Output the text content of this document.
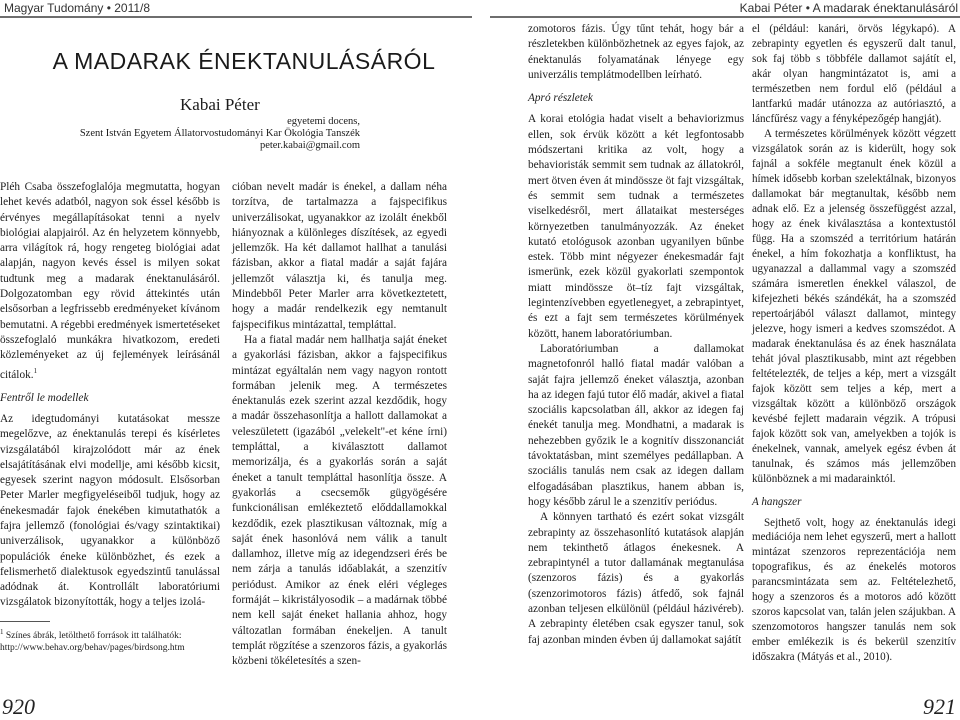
Magyar Tudomány • 2011/8	Kabai Péter • A madarak énektanulásáról
A MADARAK ÉNEKTANULÁSÁRÓL
Kabai Péter
egyetemi docens,
Szent István Egyetem Állatorvostudományi Kar Ökológia Tanszék
peter.kabai@gmail.com

Pléh Csaba összefoglalója megmutatta, hogyan lehet kevés adatból, nagyon sok éssel később is érvényes megállapításokat tenni a nyelv biológiai alapjairól. Az én helyzetem könnyebb, arra világítok rá, hogy rengeteg biológiai adat alapján, nagyon kevés éssel is milyen sokat tudtunk meg a madarak énektanulásáról. Dolgozatomban egy rövid áttekintés után elsősorban a legfrissebb eredményeket kívánom bemutatni. A régebbi eredmények ismertetéseket összefoglaló munkákra hivatkozom, eredeti közleményeket az új fejlemények leírásánál citálok.$^1$

Fentről le modellek

Az idegtudományi kutatásokat messze megelőzve, az énektanulás terepi és kísérletes vizsgálatából kirajzolódott már az ének elsajátításának elvi modellje, ami később kicsit, egyesek szerint nagyon módosult. Elsősorban Peter Marler megfigyeléseiből tudjuk, hogy az énekesmadár fajok énekében kimutathatók a fajra jellemző (fonológiai és/vagy szintaktikai) univerzálisok, ugyanakkor a különböző populációk éneke különbözhet, és ezek a felismerhető dialektusok egyedszintű tanulással adódnak át. Kontrollált laboratóriumi vizsgálatok bizonyították, hogy a teljes izolá-

$^1$ Színes ábrák, letölthető források itt találhatók: http://www.behav.org/behav/pages/birdsong.htm

cióban nevelt madár is énekel, a dallam néha torzítva, de tartalmazza a fajspecifikus univerzálisokat, ugyanakkor az izolált énekből hiányoznak a különleges díszítések, az egyedi jellemzők. Ha két dallamot hallhat a tanulási fázisban, akkor a fiatal madár a saját fajára jellemzőt választja ki, és tanulja meg. Mindebből Peter Marler arra következtetett, hogy a madár rendelkezik egy nemtanult fajspecifikus mintázattal, templáttal.

Ha a fiatal madár nem hallhatja saját éneket a gyakorlási fázisban, akkor a fajspecifikus mintázat egyáltalán nem vagy nagyon rontott formában jelenik meg. A természetes énektanulás ezek szerint azzal kezdődik, hogy a madár összehasonlítja a hallott dallamokat a veleszületett (igazából „velekelt"-et kéne írni) templáttal, a kiválasztott dallamot memorizálja, és a gyakorlás során a saját éneket a tanult templáttal hasonlítja össze. A gyakorlás a csecsemők gügyögésére funkcionálisan emlékeztető előddallamokkal kezdődik, ezek plasztikusan változnak, míg a saját ének hasonlóvá nem válik a tanult dallamhoz, illetve míg az idegendzseri érés be nem zárja a tanulás időablakát, a szenzitív periódust. Amikor az ének eléri végleges formáját – kikristályosodik – a madárnak többé nem kell saját éneket hallania ahhoz, hogy változatlan formában énekeljen. A tanult templát rögzítése a szenzoros fázis, a gyakorlás közbeni tökéletesítés a szen-

zomotoros fázis. Úgy tűnt tehát, hogy bár a részletekben különbözhetnek az egyes fajok, az énektanulás folyamatának lényege egy univerzális templátmodellben leírható.

Apró részletek

A korai etológia hadat viselt a behaviorizmus ellen, sok érvük között a két legfontosabb módszertani kritika az volt, hogy a behavioristák semmit sem tudnak az állatokról, mert ötven éven át mindössze öt fajt vizsgáltak, és semmit sem tudnak a természetes viselkedésről, mert állataikat mesterséges környezetben tanulmányozzák. Az éneket kutató etológusok azonban ugyanilyen bűnbe estek. Több mint négyezer énekesmadár fajt ismerünk, ezek közül gyakorlati szempontok miatt mindössze öt–tíz fajt vizsgáltak, legintenzívebben egyetlenegyet, a zebrapintyet, és ezt a fajt sem természetes körülmények között, hanem laboratóriumban.

Laboratóriumban a dallamokat magnetofonról halló fiatal madár valóban a saját fajra jellemző éneket választja, azonban ha az idegen fajú tutor élő madár, akivel a fiatal szociális kapcsolatban áll, akkor az idegen faj énekét tanulja meg. Mondhatni, a madarak is nehezebben győzik le a kognitív disszonanciát távoktatásban, mint személyes pedállapban. A szociális tanulás nem csak az idegen dallam elfogadásában plasztikus, hanem abban is, hogy később zárul le a szenzitív periódus.

A könnyen tartható és ezért sokat vizsgált zebrapinty az összehasonlító kutatások alapján nem tekinthető átlagos énekesnek. A zebrapintynél a tutor dallamának megtanulása (szenzoros fázis) és a gyakorlás (szenzorimotoros fázis) átfedő, sok fajnál azonban teljesen elkülönül (például házivéreb). A zebrapinty életében csak egyszer tanul, sok faj azonban minden évben új dallamokat sajátít

el (például: kanári, örvös légykapó). A zebrapinty egyetlen és egyszerű dalt tanul, sok faj több s többféle dallamot sajátít el, akár olyan hangmintázatot is, ami a természetben nem fordul elő (például a lantfarkú madár utánozza az autóriasztó, a láncfűrész vagy a fényképezőgép hangját).

A természetes körülmények között végzett vizsgálatok során az is kiderült, hogy sok fajnál a sokféle megtanult ének közül a hímek idősebb korban szelektálnak, bizonyos dallamokat bár megtanultak, később nem adnak elő. Ez a jelenség összefüggést azzal, hogy az ének kiválasztása a kontextustól függ. Ha a szomszéd a territórium határán énekel, a hím fokozhatja a konfliktust, ha ugyanazzal a dallammal vagy a szomszéd számára ismeretlen énekkel válaszol, de kifejezheti békés szándékát, ha a szomszéd repertoárjából választ dallamot, mintegy jelezve, hogy ismeri a kedves szomszédot. A madarak énektanulása és az ének használata tehát jóval plasztikusabb, mint azt régebben feltételezték, de teljes a kép, mert a vizsgált fajok között sem teljes a kép, mert a vizsgáltak között a különböző országok kevésbé fejlett madarain végzik. A trópusi fajok között sok van, amelyekben a tojók is énekelnek, vannak, amelyek egész évben át tanulnak, és számos más jellemzőben különböznek a mi madarainktól.

A hangszer

Sejthető volt, hogy az énektanulás idegi mediációja nem lehet egyszerű, mert a hallott mintázat szenzoros reprezentációja nem topografikus, és az énekelés motoros parancsmintázata sem az. Feltételezhető, hogy a szenzoros és a motoros adó között szoros kapcsolat van, talán jelen szájukban. A szenzomotoros hangszer tanulás nem sok ember emlékezik is és bekerül szenzitív időszakra (Mátyás et al., 2010).

920	921
